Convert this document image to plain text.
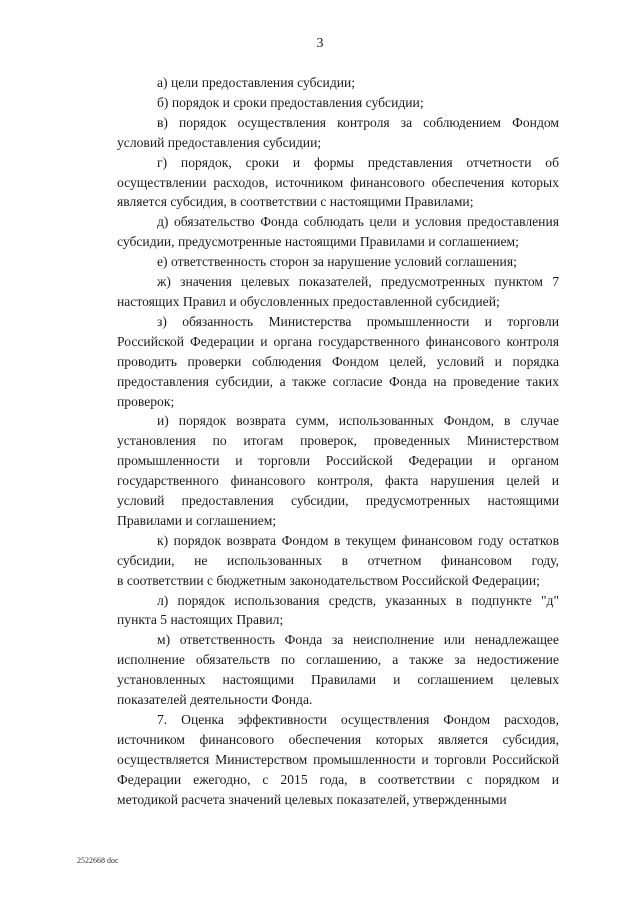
3
а) цели предоставления субсидии;
б) порядок и сроки предоставления субсидии;
в) порядок осуществления контроля за соблюдением Фондом
условий предоставления субсидии;
г) порядок, сроки и формы представления отчетности об
осуществлении расходов, источником финансового обеспечения которых
является субсидия, в соответствии с настоящими Правилами;
д) обязательство Фонда соблюдать цели и условия предоставления
субсидии, предусмотренные настоящими Правилами и соглашением;
е) ответственность сторон за нарушение условий соглашения;
ж) значения целевых показателей, предусмотренных пунктом 7
настоящих Правил и обусловленных предоставленной субсидией;
з) обязанность Министерства промышленности и торговли
Российской Федерации и органа государственного финансового контроля
проводить проверки соблюдения Фондом целей, условий и порядка
предоставления субсидии, а также согласие Фонда на проведение таких
проверок;
и) порядок возврата сумм, использованных Фондом, в случае
установления по итогам проверок, проведенных Министерством
промышленности и торговли Российской Федерации и органом
государственного финансового контроля, факта нарушения целей и
условий предоставления субсидии, предусмотренных настоящими
Правилами и соглашением;
к) порядок возврата Фондом в текущем финансовом году остатков
субсидии, не использованных в отчетном финансовом году,
в соответствии с бюджетным законодательством Российской Федерации;
л) порядок использования средств, указанных в подпункте "д"
пункта 5 настоящих Правил;
м) ответственность Фонда за неисполнение или ненадлежащее
исполнение обязательств по соглашению, а также за недостижение
установленных настоящими Правилами и соглашением целевых
показателей деятельности Фонда.
7. Оценка эффективности осуществления Фондом расходов,
источником финансового обеспечения которых является субсидия,
осуществляется Министерством промышленности и торговли Российской
Федерации ежегодно, с 2015 года, в соответствии с порядком и
методикой расчета значений целевых показателей, утвержденными
2522668 doc
